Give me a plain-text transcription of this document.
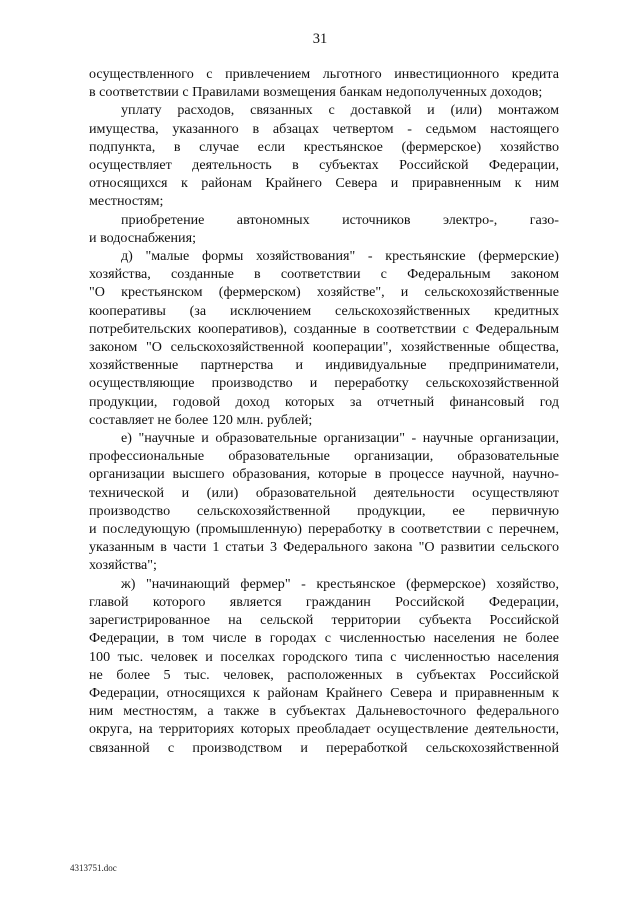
31
осуществленного с привлечением льготного инвестиционного кредита
в соответствии с Правилами возмещения банкам недополученных доходов;
уплату расходов, связанных с доставкой и (или) монтажом
имущества, указанного в абзацах четвертом - седьмом настоящего
подпункта, в случае если крестьянское (фермерское) хозяйство
осуществляет деятельность в субъектах Российской Федерации,
относящихся к районам Крайнего Севера и приравненным к ним
местностям;
приобретение автономных источников электро-, газо-
и водоснабжения;
д) "малые формы хозяйствования" - крестьянские (фермерские)
хозяйства, созданные в соответствии с Федеральным законом
"О крестьянском (фермерском) хозяйстве", и сельскохозяйственные
кооперативы (за исключением сельскохозяйственных кредитных
потребительских кооперативов), созданные в соответствии с Федеральным
законом "О сельскохозяйственной кооперации", хозяйственные общества,
хозяйственные партнерства и индивидуальные предприниматели,
осуществляющие производство и переработку сельскохозяйственной
продукции, годовой доход которых за отчетный финансовый год
составляет не более 120 млн. рублей;
е) "научные и образовательные организации" - научные организации,
профессиональные образовательные организации, образовательные
организации высшего образования, которые в процессе научной, научно-
технической и (или) образовательной деятельности осуществляют
производство сельскохозяйственной продукции, ее первичную
и последующую (промышленную) переработку в соответствии с перечнем,
указанным в части 1 статьи 3 Федерального закона "О развитии сельского
хозяйства";
ж) "начинающий фермер" - крестьянское (фермерское) хозяйство,
главой которого является гражданин Российской Федерации,
зарегистрированное на сельской территории субъекта Российской
Федерации, в том числе в городах с численностью населения не более
100 тыс. человек и поселках городского типа с численностью населения
не более 5 тыс. человек, расположенных в субъектах Российской
Федерации, относящихся к районам Крайнего Севера и приравненным к
ним местностям, а также в субъектах Дальневосточного федерального
округа, на территориях которых преобладает осуществление деятельности,
связанной с производством и переработкой сельскохозяйственной
4313751.doc
